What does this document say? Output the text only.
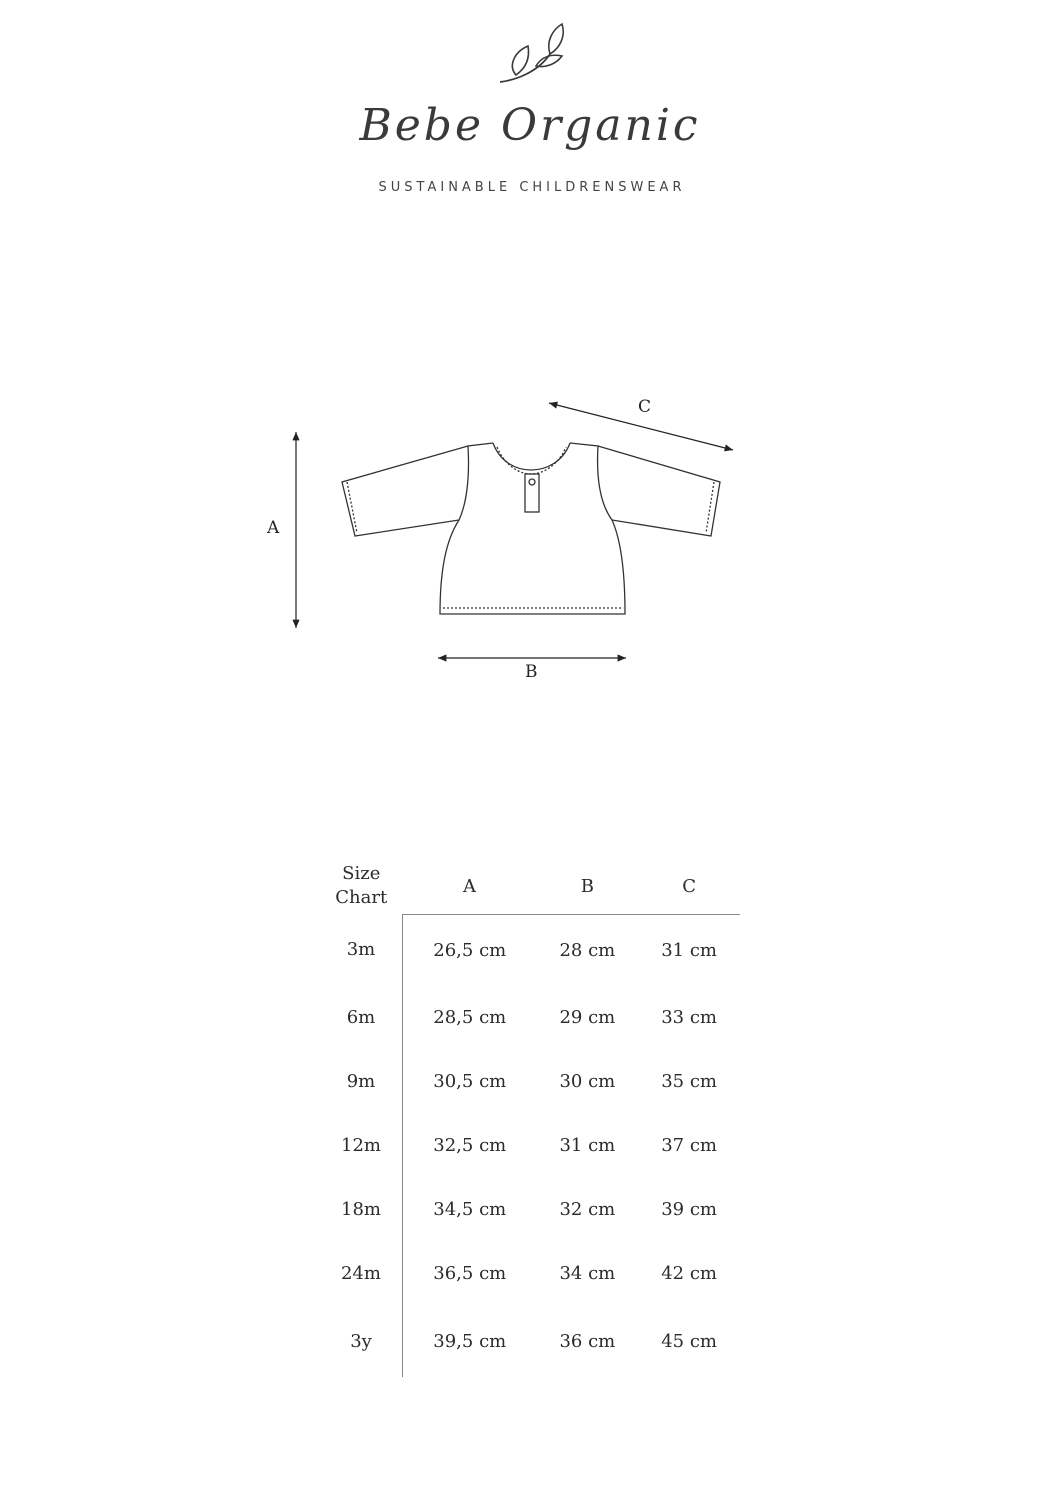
Bebe Organic
SUSTAINABLE CHILDRENSWEAR
A
B
C
Size Chart	A	B	C
3m	26,5 cm	28 cm	31 cm
6m	28,5 cm	29 cm	33 cm
9m	30,5 cm	30 cm	35 cm
12m	32,5 cm	31 cm	37 cm
18m	34,5 cm	32 cm	39 cm
24m	36,5 cm	34 cm	42 cm
3y	39,5 cm	36 cm	45 cm
